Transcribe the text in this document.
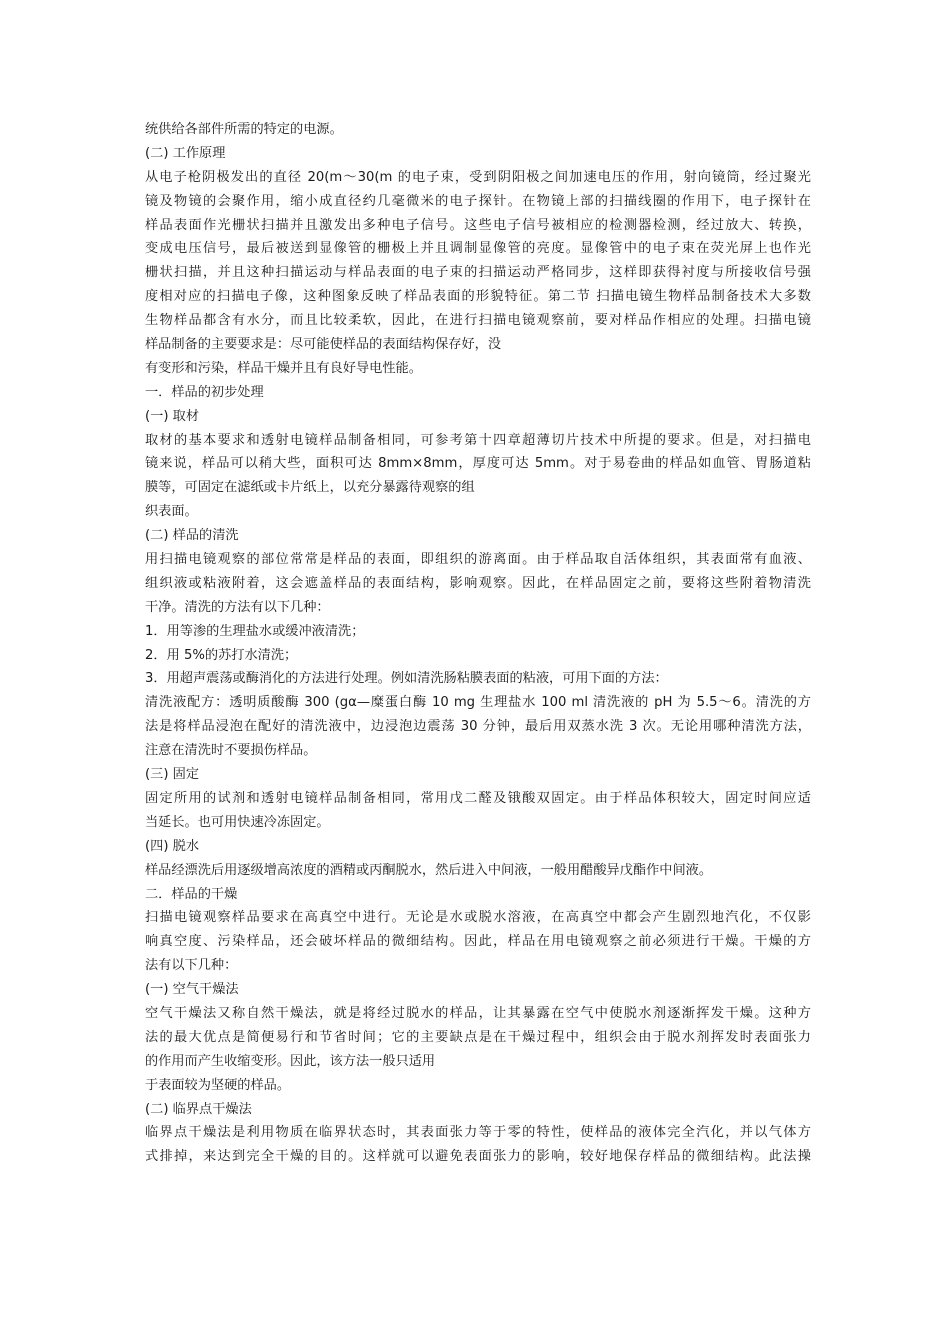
统供给各部件所需的特定的电源。
(二) 工作原理
从电子枪阴极发出的直径 20(m～30(m 的电子束，受到阴阳极之间加速电压的作用，射向镜筒，经过聚光
镜及物镜的会聚作用，缩小成直径约几毫微米的电子探针。在物镜上部的扫描线圈的作用下，电子探针在
样品表面作光栅状扫描并且激发出多种电子信号。这些电子信号被相应的检测器检测，经过放大、转换，
变成电压信号，最后被送到显像管的栅极上并且调制显像管的亮度。显像管中的电子束在荧光屏上也作光
栅状扫描，并且这种扫描运动与样品表面的电子束的扫描运动严格同步，这样即获得衬度与所接收信号强
度相对应的扫描电子像，这种图象反映了样品表面的形貌特征。第二节 扫描电镜生物样品制备技术大多数
生物样品都含有水分，而且比较柔软，因此，在进行扫描电镜观察前，要对样品作相应的处理。扫描电镜
样品制备的主要要求是：尽可能使样品的表面结构保存好，没
有变形和污染，样品干燥并且有良好导电性能。
一．样品的初步处理
(一) 取材
取材的基本要求和透射电镜样品制备相同，可参考第十四章超薄切片技术中所提的要求。但是，对扫描电
镜来说，样品可以稍大些，面积可达 8mm×8mm，厚度可达 5mm。对于易卷曲的样品如血管、胃肠道粘
膜等，可固定在滤纸或卡片纸上，以充分暴露待观察的组
织表面。
(二) 样品的清洗
用扫描电镜观察的部位常常是样品的表面，即组织的游离面。由于样品取自活体组织，其表面常有血液、
组织液或粘液附着，这会遮盖样品的表面结构，影响观察。因此，在样品固定之前，要将这些附着物清洗
干净。清洗的方法有以下几种：
1．用等渗的生理盐水或缓冲液清洗；
2．用 5%的苏打水清洗；
3．用超声震荡或酶消化的方法进行处理。例如清洗肠粘膜表面的粘液，可用下面的方法：
清洗液配方：透明质酸酶 300 (gα—糜蛋白酶 10 mg 生理盐水 100 ml 清洗液的 pH 为 5.5～6。清洗的方
法是将样品浸泡在配好的清洗液中，边浸泡边震荡 30 分钟，最后用双蒸水洗 3 次。无论用哪种清洗方法，
注意在清洗时不要损伤样品。
(三) 固定
固定所用的试剂和透射电镜样品制备相同，常用戊二醛及锇酸双固定。由于样品体积较大，固定时间应适
当延长。也可用快速冷冻固定。
(四) 脱水
样品经漂洗后用逐级增高浓度的酒精或丙酮脱水，然后进入中间液，一般用醋酸异戊酯作中间液。
二．样品的干燥
扫描电镜观察样品要求在高真空中进行。无论是水或脱水溶液，在高真空中都会产生剧烈地汽化，不仅影
响真空度、污染样品，还会破坏样品的微细结构。因此，样品在用电镜观察之前必须进行干燥。干燥的方
法有以下几种：
(一) 空气干燥法
空气干燥法又称自然干燥法，就是将经过脱水的样品，让其暴露在空气中使脱水剂逐渐挥发干燥。这种方
法的最大优点是简便易行和节省时间；它的主要缺点是在干燥过程中，组织会由于脱水剂挥发时表面张力
的作用而产生收缩变形。因此，该方法一般只适用
于表面较为坚硬的样品。
(二) 临界点干燥法
临界点干燥法是利用物质在临界状态时，其表面张力等于零的特性，使样品的液体完全汽化，并以气体方
式排掉，来达到完全干燥的目的。这样就可以避免表面张力的影响，较好地保存样品的微细结构。此法操
